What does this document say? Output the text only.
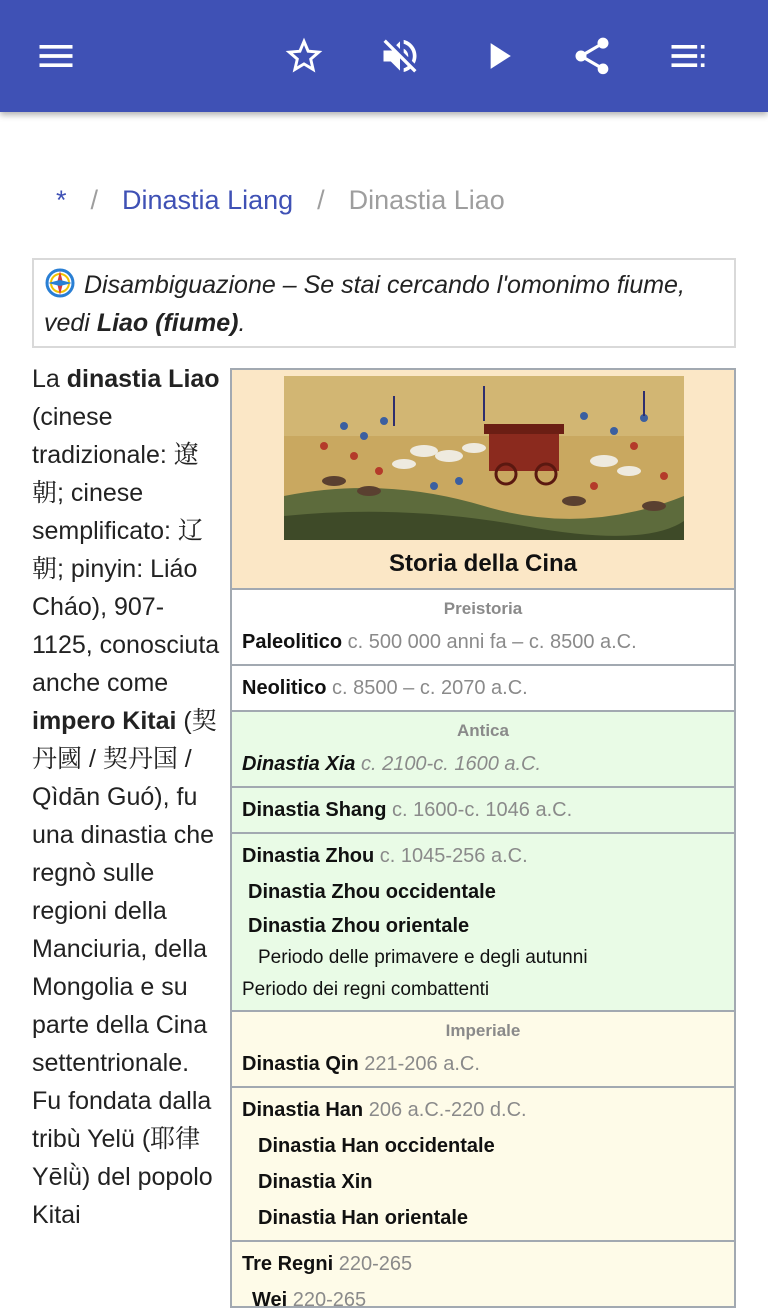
* / Dinastia Liang / Dinastia Liao
Disambiguazione – Se stai cercando l'omonimo fiume, vedi Liao (fiume).
La dinastia Liao (cinese tradizionale: 遼朝; cinese semplificato: 辽朝; pinyin: Liáo Cháo), 907-1125, conosciuta anche come impero Kitai (契丹國 / 契丹国 / Qìdān Guó), fu una dinastia che regnò sulle regioni della Manciuria, della Mongolia e su parte della Cina settentrionale. Fu fondata dalla tribù Yelü (耶律 Yēlǜ) del popolo Kitai
Storia della Cina
Preistoria
Paleolitico c. 500 000 anni fa – c. 8500 a.C.
Neolitico c. 8500 – c. 2070 a.C.
Antica
Dinastia Xia c. 2100-c. 1600 a.C.
Dinastia Shang c. 1600-c. 1046 a.C.
Dinastia Zhou c. 1045-256 a.C.
Dinastia Zhou occidentale
Dinastia Zhou orientale
Periodo delle primavere e degli autunni
Periodo dei regni combattenti
Imperiale
Dinastia Qin 221-206 a.C.
Dinastia Han 206 a.C.-220 d.C.
Dinastia Han occidentale
Dinastia Xin
Dinastia Han orientale
Tre Regni 220-265
Wei 220-265
